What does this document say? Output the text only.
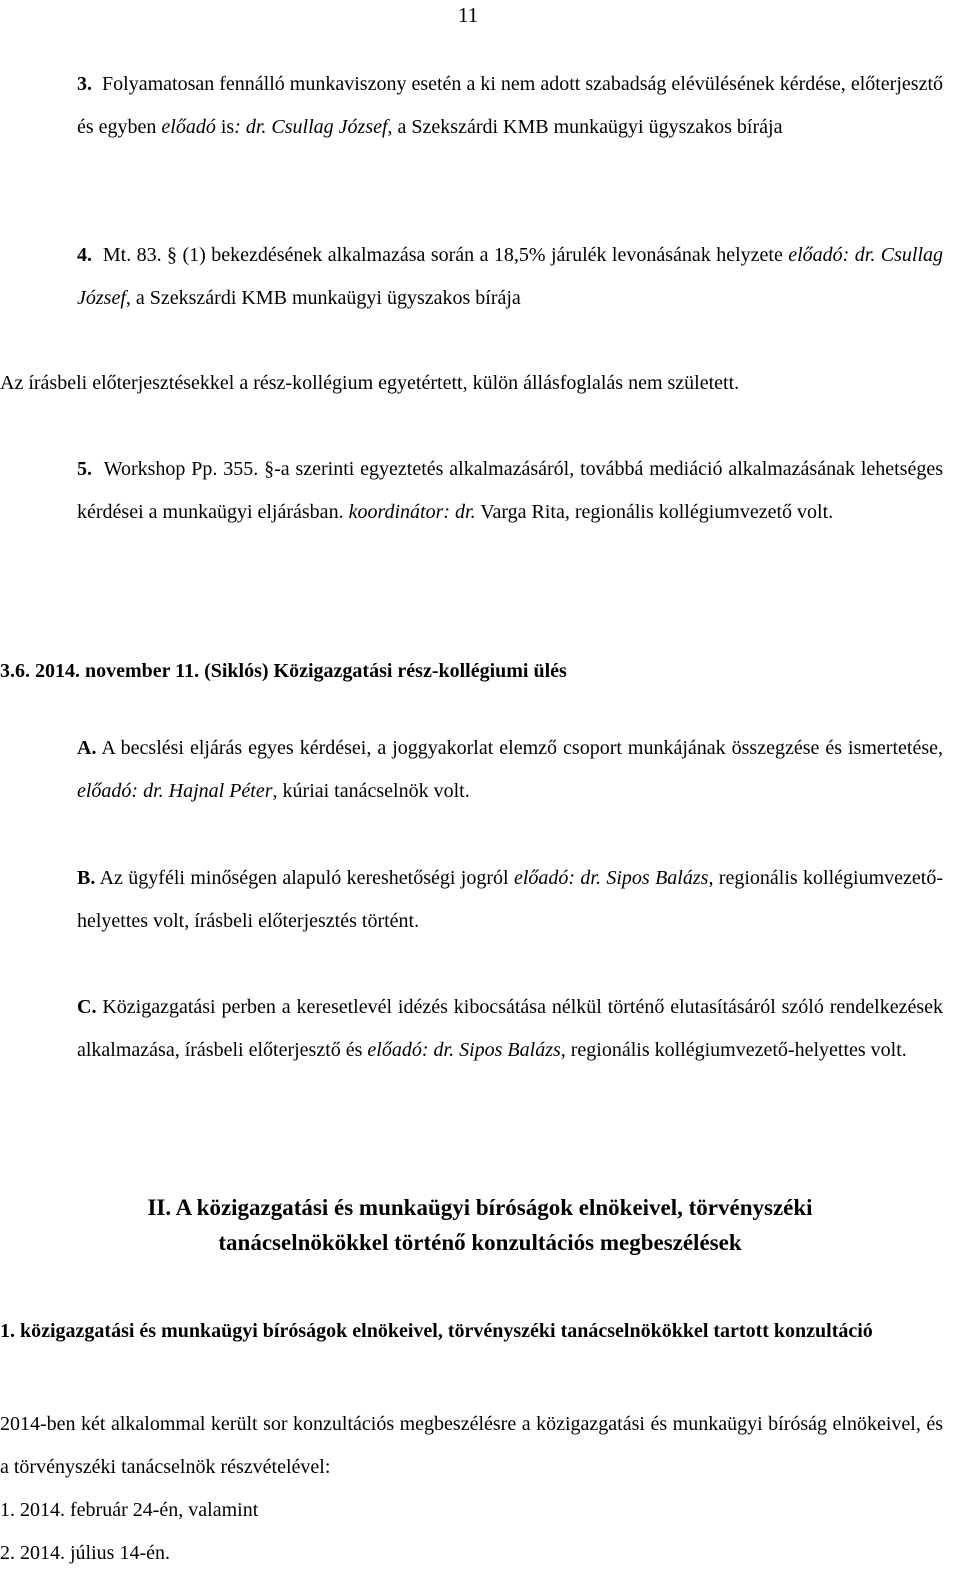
11
3. Folyamatosan fennálló munkaviszony esetén a ki nem adott szabadság elévülésének kérdése, előterjesztő és egyben előadó is: dr. Csullag József, a Szekszárdi KMB munkaügyi ügyszakos bírája
4. Mt. 83. § (1) bekezdésének alkalmazása során a 18,5% járulék levonásának helyzete előadó: dr. Csullag József, a Szekszárdi KMB munkaügyi ügyszakos bírája
Az írásbeli előterjesztésekkel a rész-kollégium egyetértett, külön állásfoglalás nem született.
5. Workshop Pp. 355. §-a szerinti egyeztetés alkalmazásáról, továbbá mediáció alkalmazásának lehetséges kérdései a munkaügyi eljárásban. koordinátor: dr. Varga Rita, regionális kollégiumvezető volt.
3.6. 2014. november 11. (Siklós) Közigazgatási rész-kollégiumi ülés
A. A becslési eljárás egyes kérdései, a joggyakorlat elemző csoport munkájának összegzése és ismertetése, előadó: dr. Hajnal Péter, kúriai tanácselnök volt.
B. Az ügyféli minőségen alapuló kereshetőségi jogról előadó: dr. Sipos Balázs, regionális kollégiumvezető-helyettes volt, írásbeli előterjesztés történt.
C. Közigazgatási perben a keresetlevél idézés kibocsátása nélkül történő elutasításáról szóló rendelkezések alkalmazása, írásbeli előterjesztő és előadó: dr. Sipos Balázs, regionális kollégiumvezető-helyettes volt.
II. A közigazgatási és munkaügyi bíróságok elnökeivel, törvényszéki
tanácselnökökkel történő konzultációs megbeszélések
1. közigazgatási és munkaügyi bíróságok elnökeivel, törvényszéki tanácselnökökkel tartott konzultáció
2014-ben két alkalommal került sor konzultációs megbeszélésre a közigazgatási és munkaügyi bíróság elnökeivel, és a törvényszéki tanácselnök részvételével:
1. 2014. február 24-én, valamint
2. 2014. július 14-én.
